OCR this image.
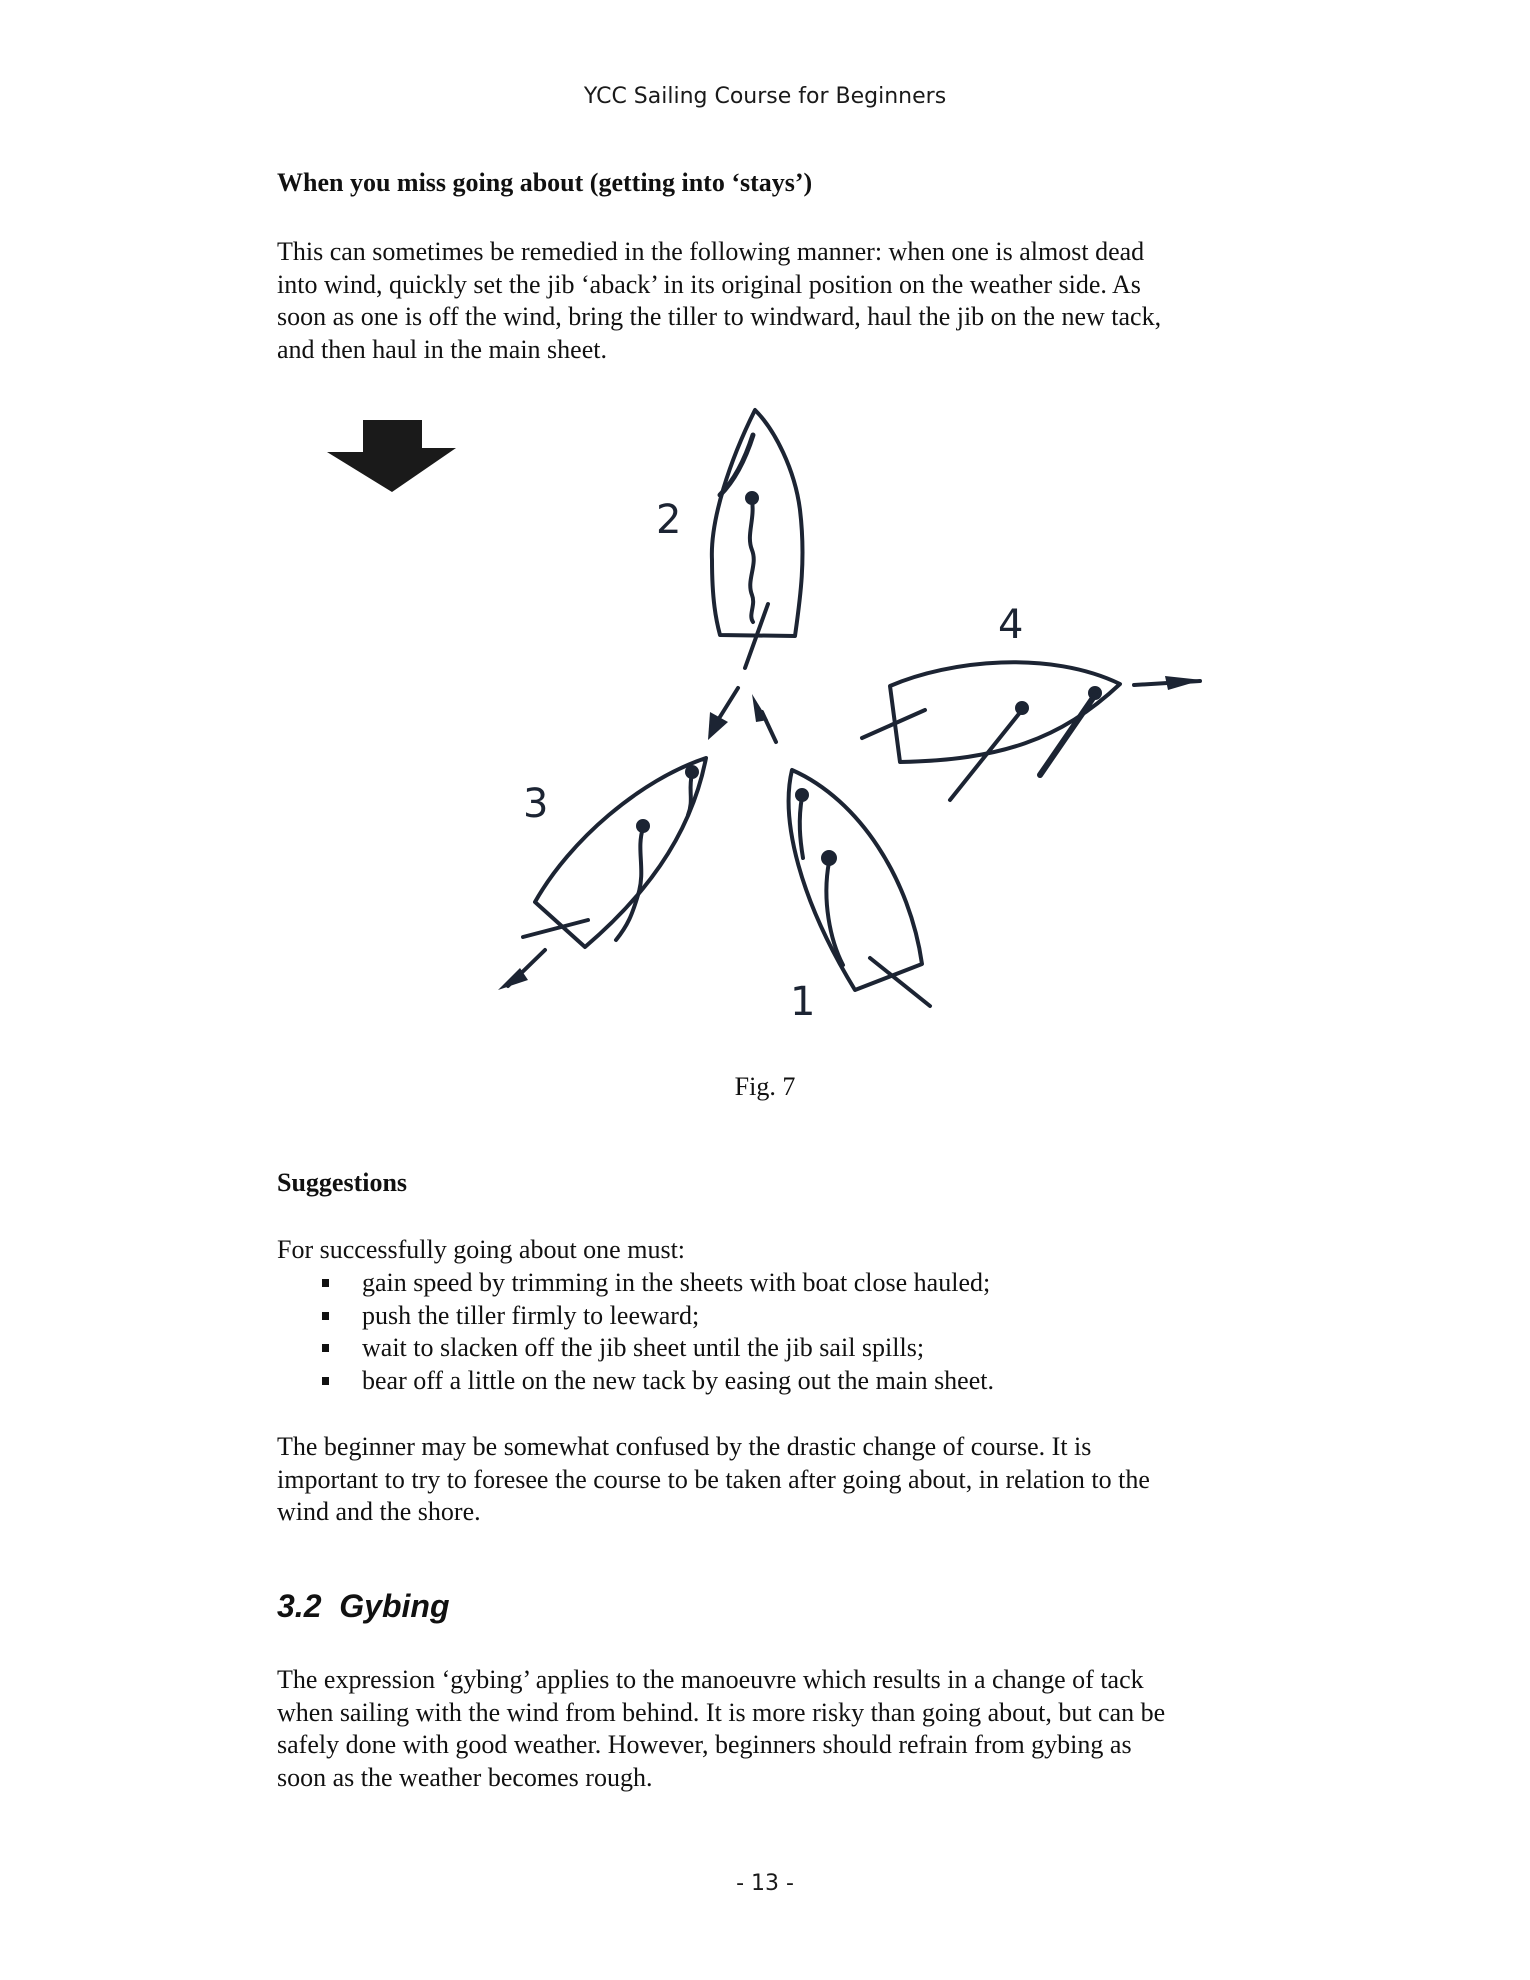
YCC Sailing Course for Beginners
When you miss going about (getting into ‘stays’)

This can sometimes be remedied in the following manner: when one is almost dead

into wind, quickly set the jib ‘aback’ in its original position on the weather side. As

soon as one is off the wind, bring the tiller to windward, haul the jib on the new tack,

and then haul in the main sheet.

2
4
3
1
Fig. 7
Suggestions

For successfully going about one must:

gain speed by trimming in the sheets with boat close hauled;
push the tiller firmly to leeward;
wait to slacken off the jib sheet until the jib sail spills;
bear off a little on the new tack by easing out the main sheet.

The beginner may be somewhat confused by the drastic change of course. It is

important to try to foresee the course to be taken after going about, in relation to the

wind and the shore.

3.2  Gybing

The expression ‘gybing’ applies to the manoeuvre which results in a change of tack

when sailing with the wind from behind. It is more risky than going about, but can be

safely done with good weather. However, beginners should refrain from gybing as

soon as the weather becomes rough.

- 13 -
